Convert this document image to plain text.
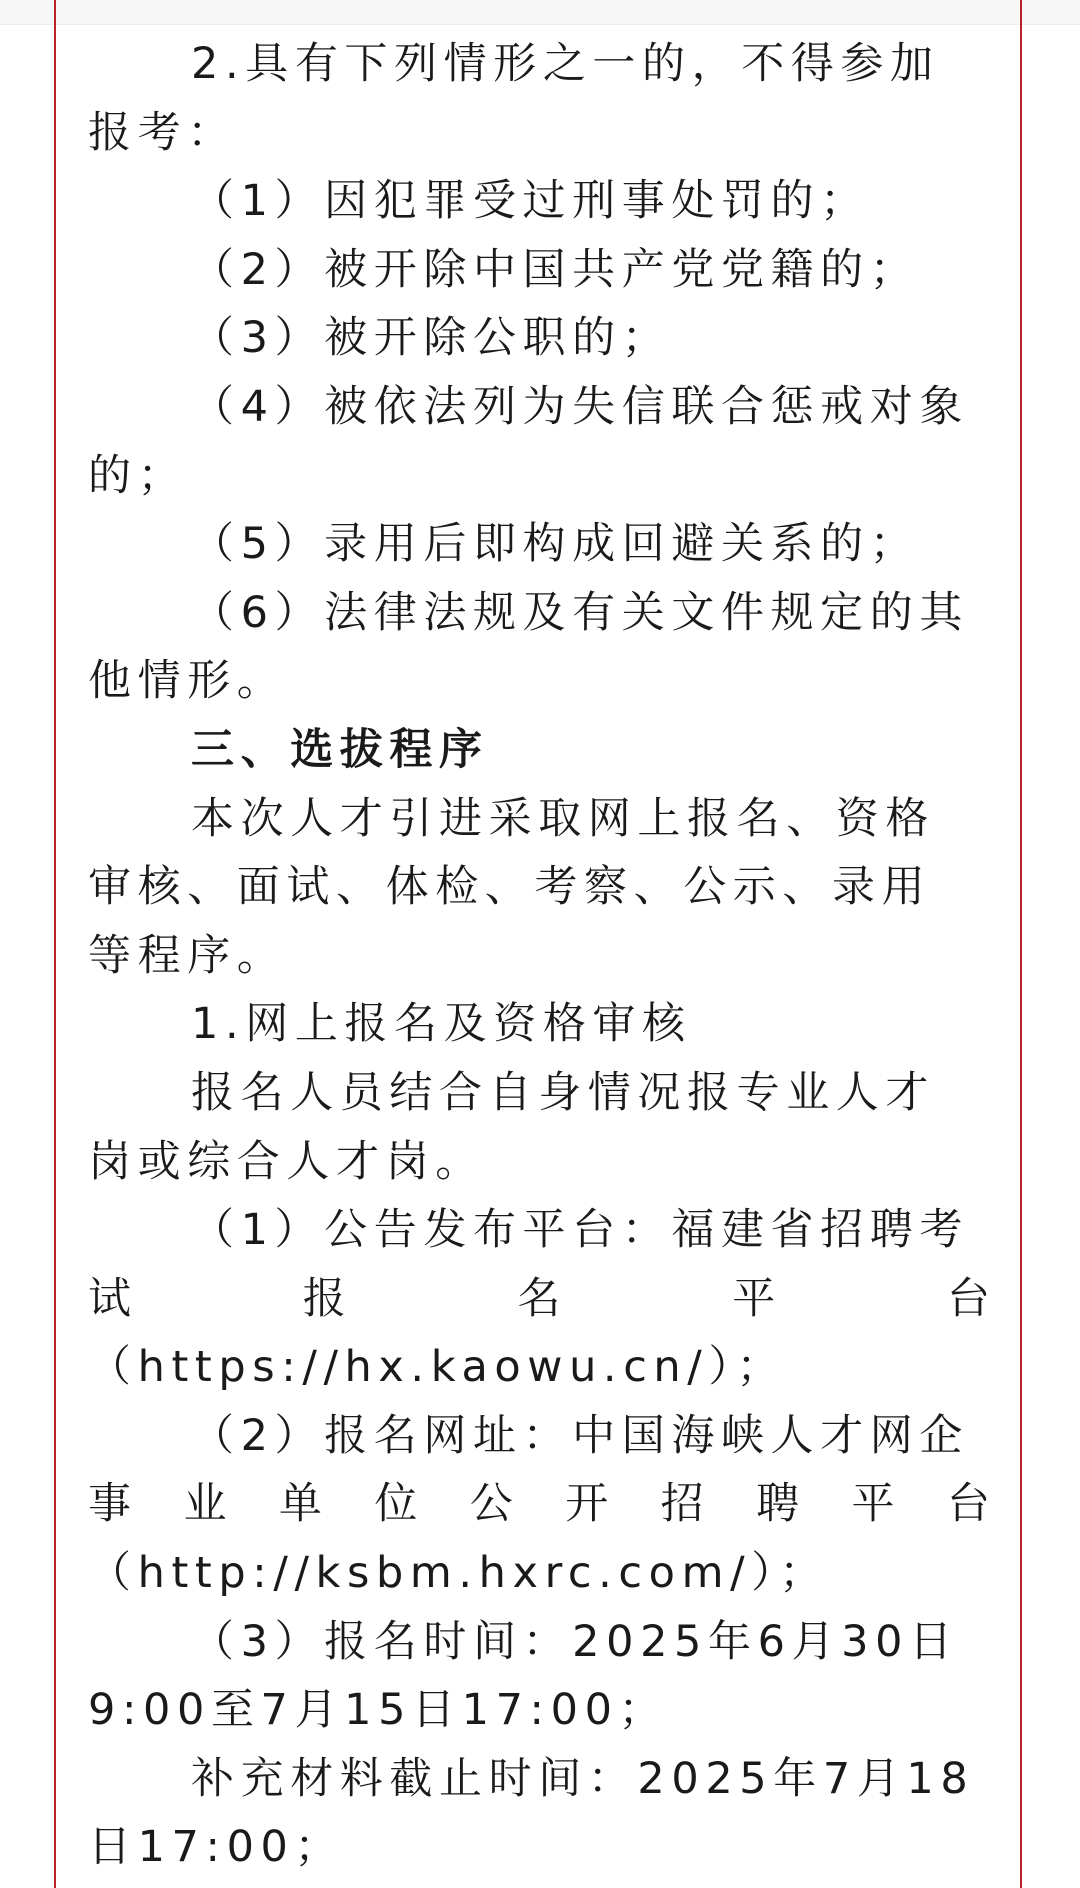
2.具有下列情形之一的，不得参加
报考：
（1）因犯罪受过刑事处罚的；
（2）被开除中国共产党党籍的；
（3）被开除公职的；
（4）被依法列为失信联合惩戒对象
的；
（5）录用后即构成回避关系的；
（6）法律法规及有关文件规定的其
他情形。
三、选拔程序
本次人才引进采取网上报名、资格
审核、面试、体检、考察、公示、录用
等程序。
1.网上报名及资格审核
报名人员结合自身情况报专业人才
岗或综合人才岗。
（1）公告发布平台：福建省招聘考
试	报	名	平	台
（https://hx.kaowu.cn/）；
（2）报名网址：中国海峡人才网企
事 业 单 位 公 开 招 聘 平 台
（http://ksbm.hxrc.com/）；
（3）报名时间：2025年6月30日
9:00至7月15日17:00；
补充材料截止时间：2025年7月18
日17:00；
